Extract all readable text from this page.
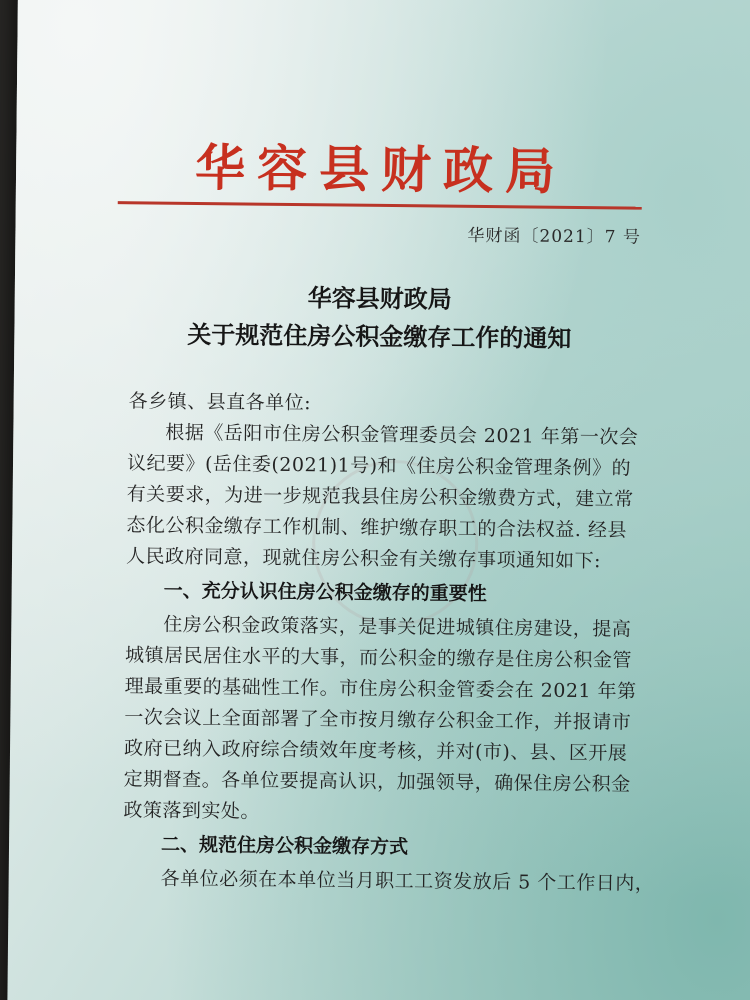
华容县财政局
华财函〔2021〕7 号
华容县财政局
关于规范住房公积金缴存工作的通知
各乡镇、县直各单位:
根据《岳阳市住房公积金管理委员会 2021 年第一次会
议纪要》(岳住委(2021)1号)和《住房公积金管理条例》的
有关要求，为进一步规范我县住房公积金缴费方式，建立常
态化公积金缴存工作机制、维护缴存职工的合法权益. 经县
人民政府同意，现就住房公积金有关缴存事项通知如下:
一、充分认识住房公积金缴存的重要性
住房公积金政策落实，是事关促进城镇住房建设，提高
城镇居民居住水平的大事，而公积金的缴存是住房公积金管
理最重要的基础性工作。市住房公积金管委会在 2021 年第
一次会议上全面部署了全市按月缴存公积金工作，并报请市
政府已纳入政府综合绩效年度考核，并对(市)、县、区开展
定期督查。各单位要提高认识，加强领导，确保住房公积金
政策落到实处。
二、规范住房公积金缴存方式
各单位必须在本单位当月职工工资发放后 5 个工作日内，
